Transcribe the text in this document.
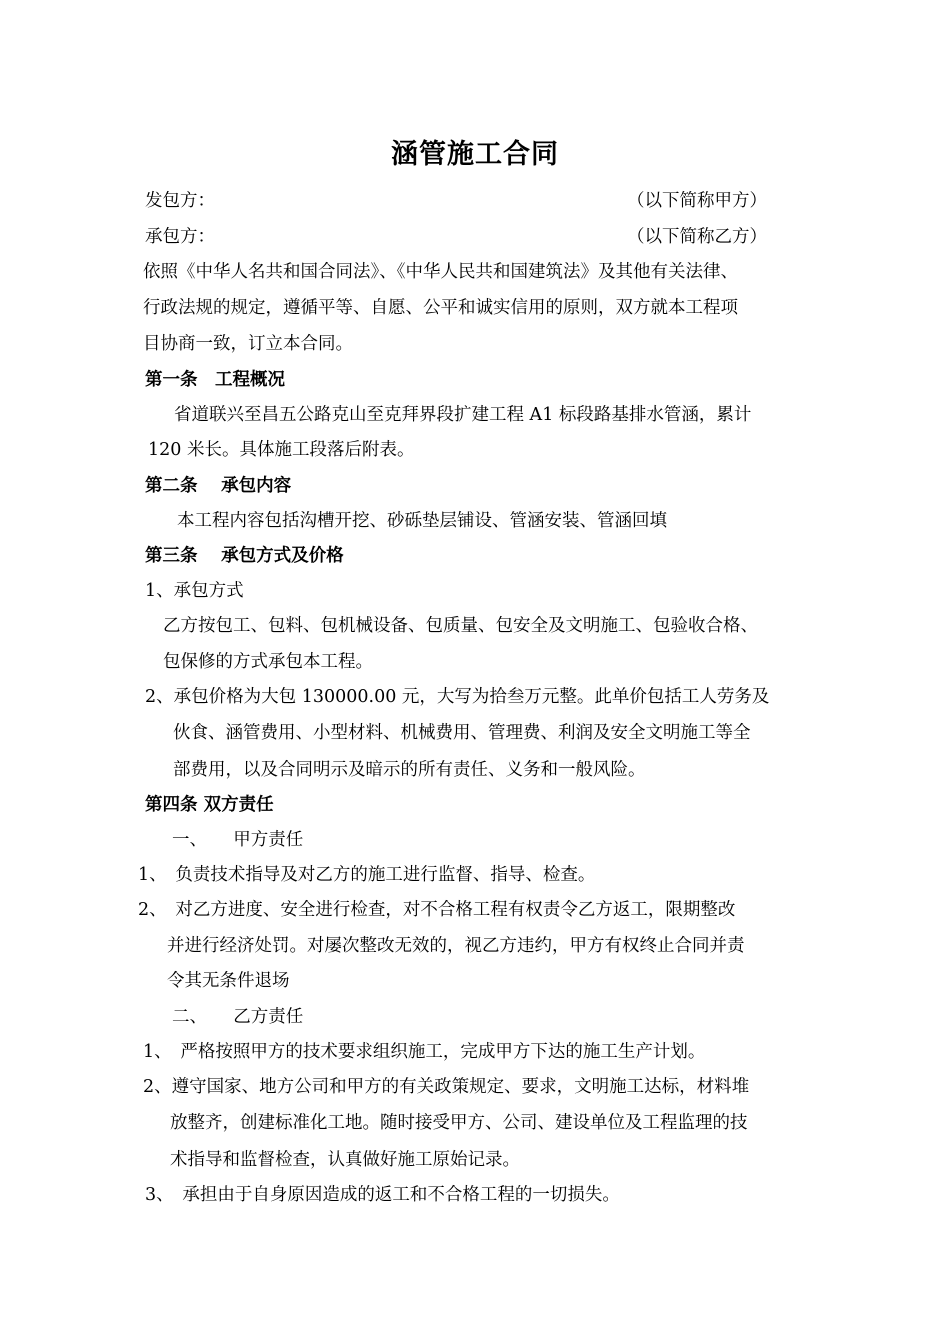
涵管施工合同
发包方：	（以下简称甲方）
承包方：	（以下简称乙方）
依照《中华人名共和国合同法》、《中华人民共和国建筑法》及其他有关法律、
行政法规的规定，遵循平等、自愿、公平和诚实信用的原则，双方就本工程项
目协商一致，订立本合同。
第一条　工程概况
省道联兴至昌五公路克山至克拜界段扩建工程 A1 标段路基排水管涵，累计
120 米长。具体施工段落后附表。
第二条　 承包内容
本工程内容包括沟槽开挖、砂砾垫层铺设、管涵安装、管涵回填
第三条　 承包方式及价格
1、承包方式
乙方按包工、包料、包机械设备、包质量、包安全及文明施工、包验收合格、
包保修的方式承包本工程。
2、承包价格为大包 130000.00 元，大写为拾叁万元整。此单价包括工人劳务及
伙食、涵管费用、小型材料、机械费用、管理费、利润及安全文明施工等全
部费用，以及合同明示及暗示的所有责任、义务和一般风险。
第四条 双方责任
一、　　甲方责任
1、　负责技术指导及对乙方的施工进行监督、指导、检查。
2、　对乙方进度、安全进行检查，对不合格工程有权责令乙方返工，限期整改
并进行经济处罚。对屡次整改无效的，视乙方违约，甲方有权终止合同并责
令其无条件退场
二、　　乙方责任
1、　严格按照甲方的技术要求组织施工，完成甲方下达的施工生产计划。
2、遵守国家、地方公司和甲方的有关政策规定、要求，文明施工达标，材料堆
放整齐，创建标准化工地。随时接受甲方、公司、建设单位及工程监理的技
术指导和监督检查，认真做好施工原始记录。
3、　承担由于自身原因造成的返工和不合格工程的一切损失。
